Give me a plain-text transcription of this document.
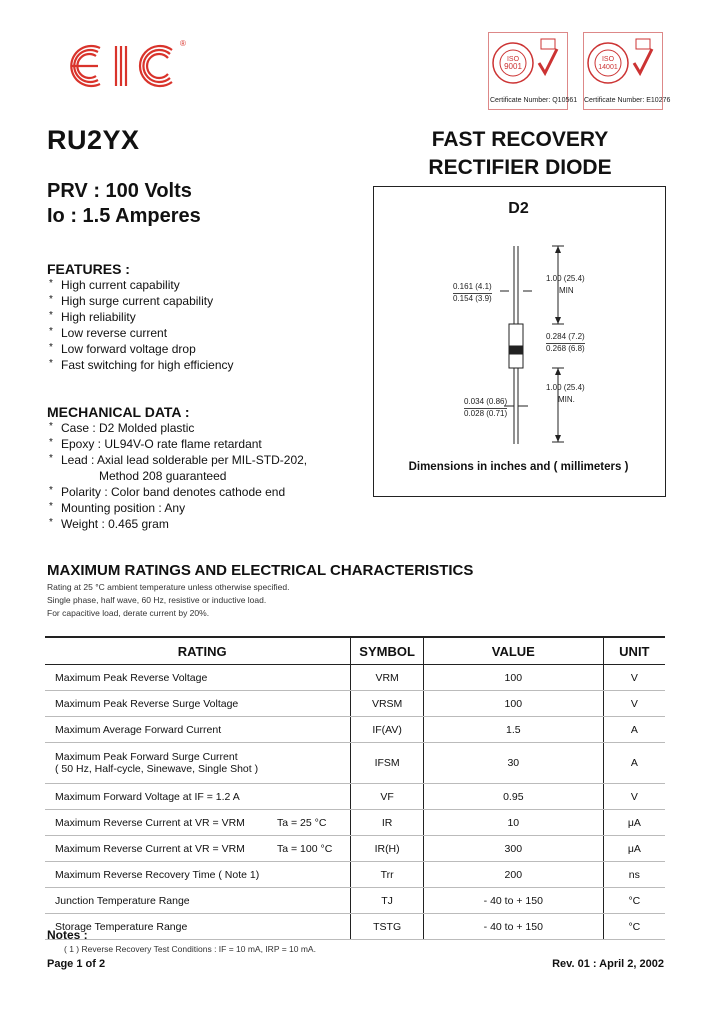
®
EIC
ISO
9001
Certificate Number: Q10561
ISO
14001
Certificate Number: E10276
RU2YX	FAST RECOVERY
RECTIFIER DIODE
PRV : 100 Volts
Io : 1.5 Amperes
FEATURES :
* High current capability
* High surge current capability
* High reliability
* Low reverse current
* Low forward voltage drop
* Fast switching for high efficiency
MECHANICAL DATA :
* Case : D2 Molded plastic
* Epoxy : UL94V-O rate flame retardant
* Lead : Axial lead solderable per MIL-STD-202,
Method 208 guaranteed
* Polarity : Color band denotes cathode end
* Mounting position : Any
* Weight : 0.465 gram
D2
0.161 (4.1)
0.154 (3.9)
1.00 (25.4)
MIN
0.284 (7.2)
0.268 (6.8)
0.034 (0.86)
0.028 (0.71)
1.00 (25.4)
MIN.
Dimensions in inches and ( millimeters )
MAXIMUM RATINGS AND ELECTRICAL CHARACTERISTICS
Rating at 25 °C ambient temperature unless otherwise specified.
Single phase, half wave, 60 Hz, resistive or inductive load.
For capacitive load, derate current by 20%.
RATING	SYMBOL	VALUE	UNIT
Maximum Peak Reverse Voltage	VRM	100	V
Maximum Peak Reverse Surge Voltage	VRSM	100	V
Maximum Average Forward Current	IF(AV)	1.5	A
Maximum Peak Forward Surge Current
( 50 Hz, Half-cycle, Sinewave, Single Shot )	IFSM	30	A
Maximum Forward Voltage at IF = 1.2 A	VF	0.95	V
Maximum Reverse Current at VR = VRM Ta = 25 °C	IR	10	μA
Maximum Reverse Current at VR = VRM Ta = 100 °C	IR(H)	300	μA
Maximum Reverse Recovery Time ( Note 1)	Trr	200	ns
Junction Temperature Range	TJ	- 40 to + 150	°C
Storage Temperature Range	TSTG	- 40 to + 150	°C
Notes :
( 1 ) Reverse Recovery Test Conditions : IF = 10 mA, IRP = 10 mA.
Page 1 of 2	Rev. 01 : April 2, 2002
